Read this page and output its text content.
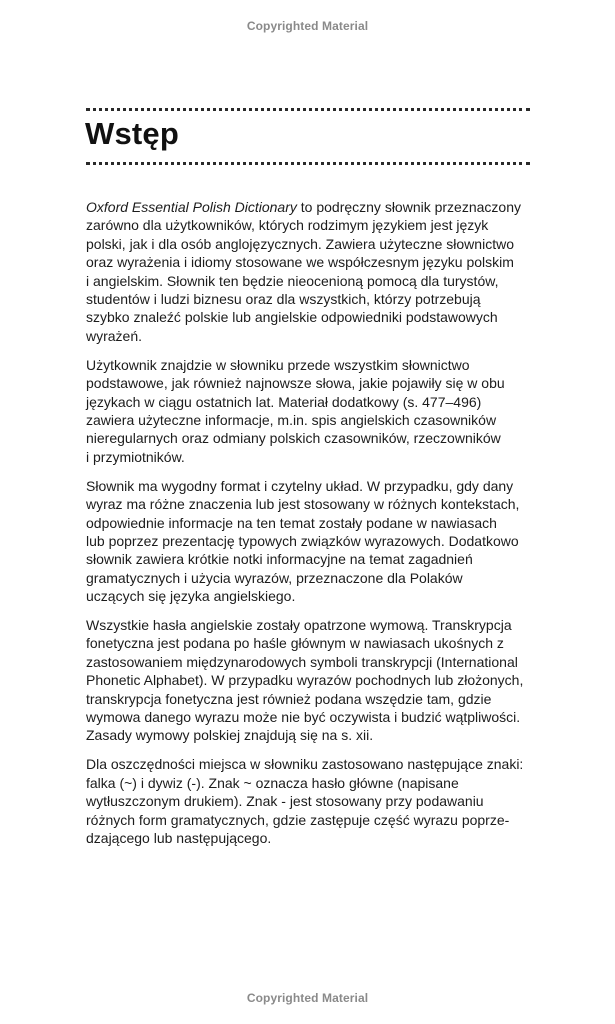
Copyrighted Material
Wstęp

Oxford Essential Polish Dictionary to podręczny słownik przeznaczony
zarówno dla użytkowników, których rodzimym językiem jest język
polski, jak i dla osób anglojęzycznych. Zawiera użyteczne słownictwo
oraz wyrażenia i idiomy stosowane we współczesnym języku polskim
i angielskim. Słownik ten będzie nieocenioną pomocą dla turystów,
studentów i ludzi biznesu oraz dla wszystkich, którzy potrzebują
szybko znaleźć polskie lub angielskie odpowiedniki podstawowych
wyrażeń.

Użytkownik znajdzie w słowniku przede wszystkim słownictwo
podstawowe, jak również najnowsze słowa, jakie pojawiły się w obu
językach w ciągu ostatnich lat. Materiał dodatkowy (s. 477–496)
zawiera użyteczne informacje, m.in. spis angielskich czasowników
nieregularnych oraz odmiany polskich czasowników, rzeczowników
i przymiotników.

Słownik ma wygodny format i czytelny układ. W przypadku, gdy dany
wyraz ma różne znaczenia lub jest stosowany w różnych kontekstach,
odpowiednie informacje na ten temat zostały podane w nawiasach
lub poprzez prezentację typowych związków wyrazowych. Dodatkowo
słownik zawiera krótkie notki informacyjne na temat zagadnień
gramatycznych i użycia wyrazów, przeznaczone dla Polaków
uczących się języka angielskiego.

Wszystkie hasła angielskie zostały opatrzone wymową. Transkrypcja
fonetyczna jest podana po haśle głównym w nawiasach ukośnych z
zastosowaniem międzynarodowych symboli transkrypcji (International
Phonetic Alphabet). W przypadku wyrazów pochodnych lub złożonych,
transkrypcja fonetyczna jest również podana wszędzie tam, gdzie
wymowa danego wyrazu może nie być oczywista i budzić wątpliwości.
Zasady wymowy polskiej znajdują się na s. xii.

Dla oszczędności miejsca w słowniku zastosowano następujące znaki:
falka (~) i dywiz (-). Znak ~ oznacza hasło główne (napisane
wytłuszczonym drukiem). Znak - jest stosowany przy podawaniu
różnych form gramatycznych, gdzie zastępuje część wyrazu poprze-
dzającego lub następującego.

Copyrighted Material
